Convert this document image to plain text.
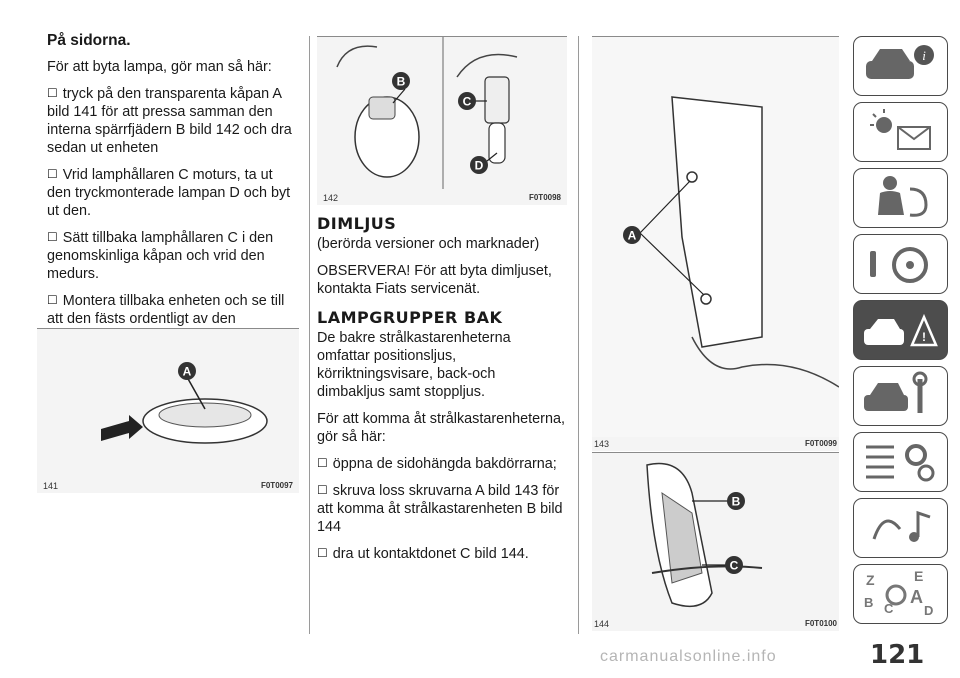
På sidorna.

För att byta lampa, gör man så här:

☐ tryck på den transparenta kåpan A bild 141 för att pressa samman den interna spärrfjädern B bild 142 och dra sedan ut enheten

☐ Vrid lamphållaren C moturs, ta ut den tryckmonterade lampan D och byt ut den.

☐ Sätt tillbaka lamphållaren C i den genomskinliga kåpan och vrid den medurs.

☐ Montera tillbaka enheten och se till att den fästs ordentligt av den

A
141	F0T0097
B
C
D
142	F0T0098
DIMLJUS

(berörda versioner och marknader)

OBSERVERA! För att byta dimljuset, kontakta Fiats servicenät.

LAMPGRUPPER BAK

De bakre strålkastarenheterna omfattar positionsljus, körriktningsvisare, back-och dimbakljus samt stoppljus.

För att komma åt strålkastarenheterna, gör så här:

☐ öppna de sidohängda bakdörrarna;

☐ skruva loss skruvarna A bild 143 för att komma åt strålkastarenheten B bild 144

☐ dra ut kontaktdonet C bild 144.

A
143	F0T0099
B
C
144	F0T0100
i
!
Z	E
B C
A
D
carmanualsonline.info	121
